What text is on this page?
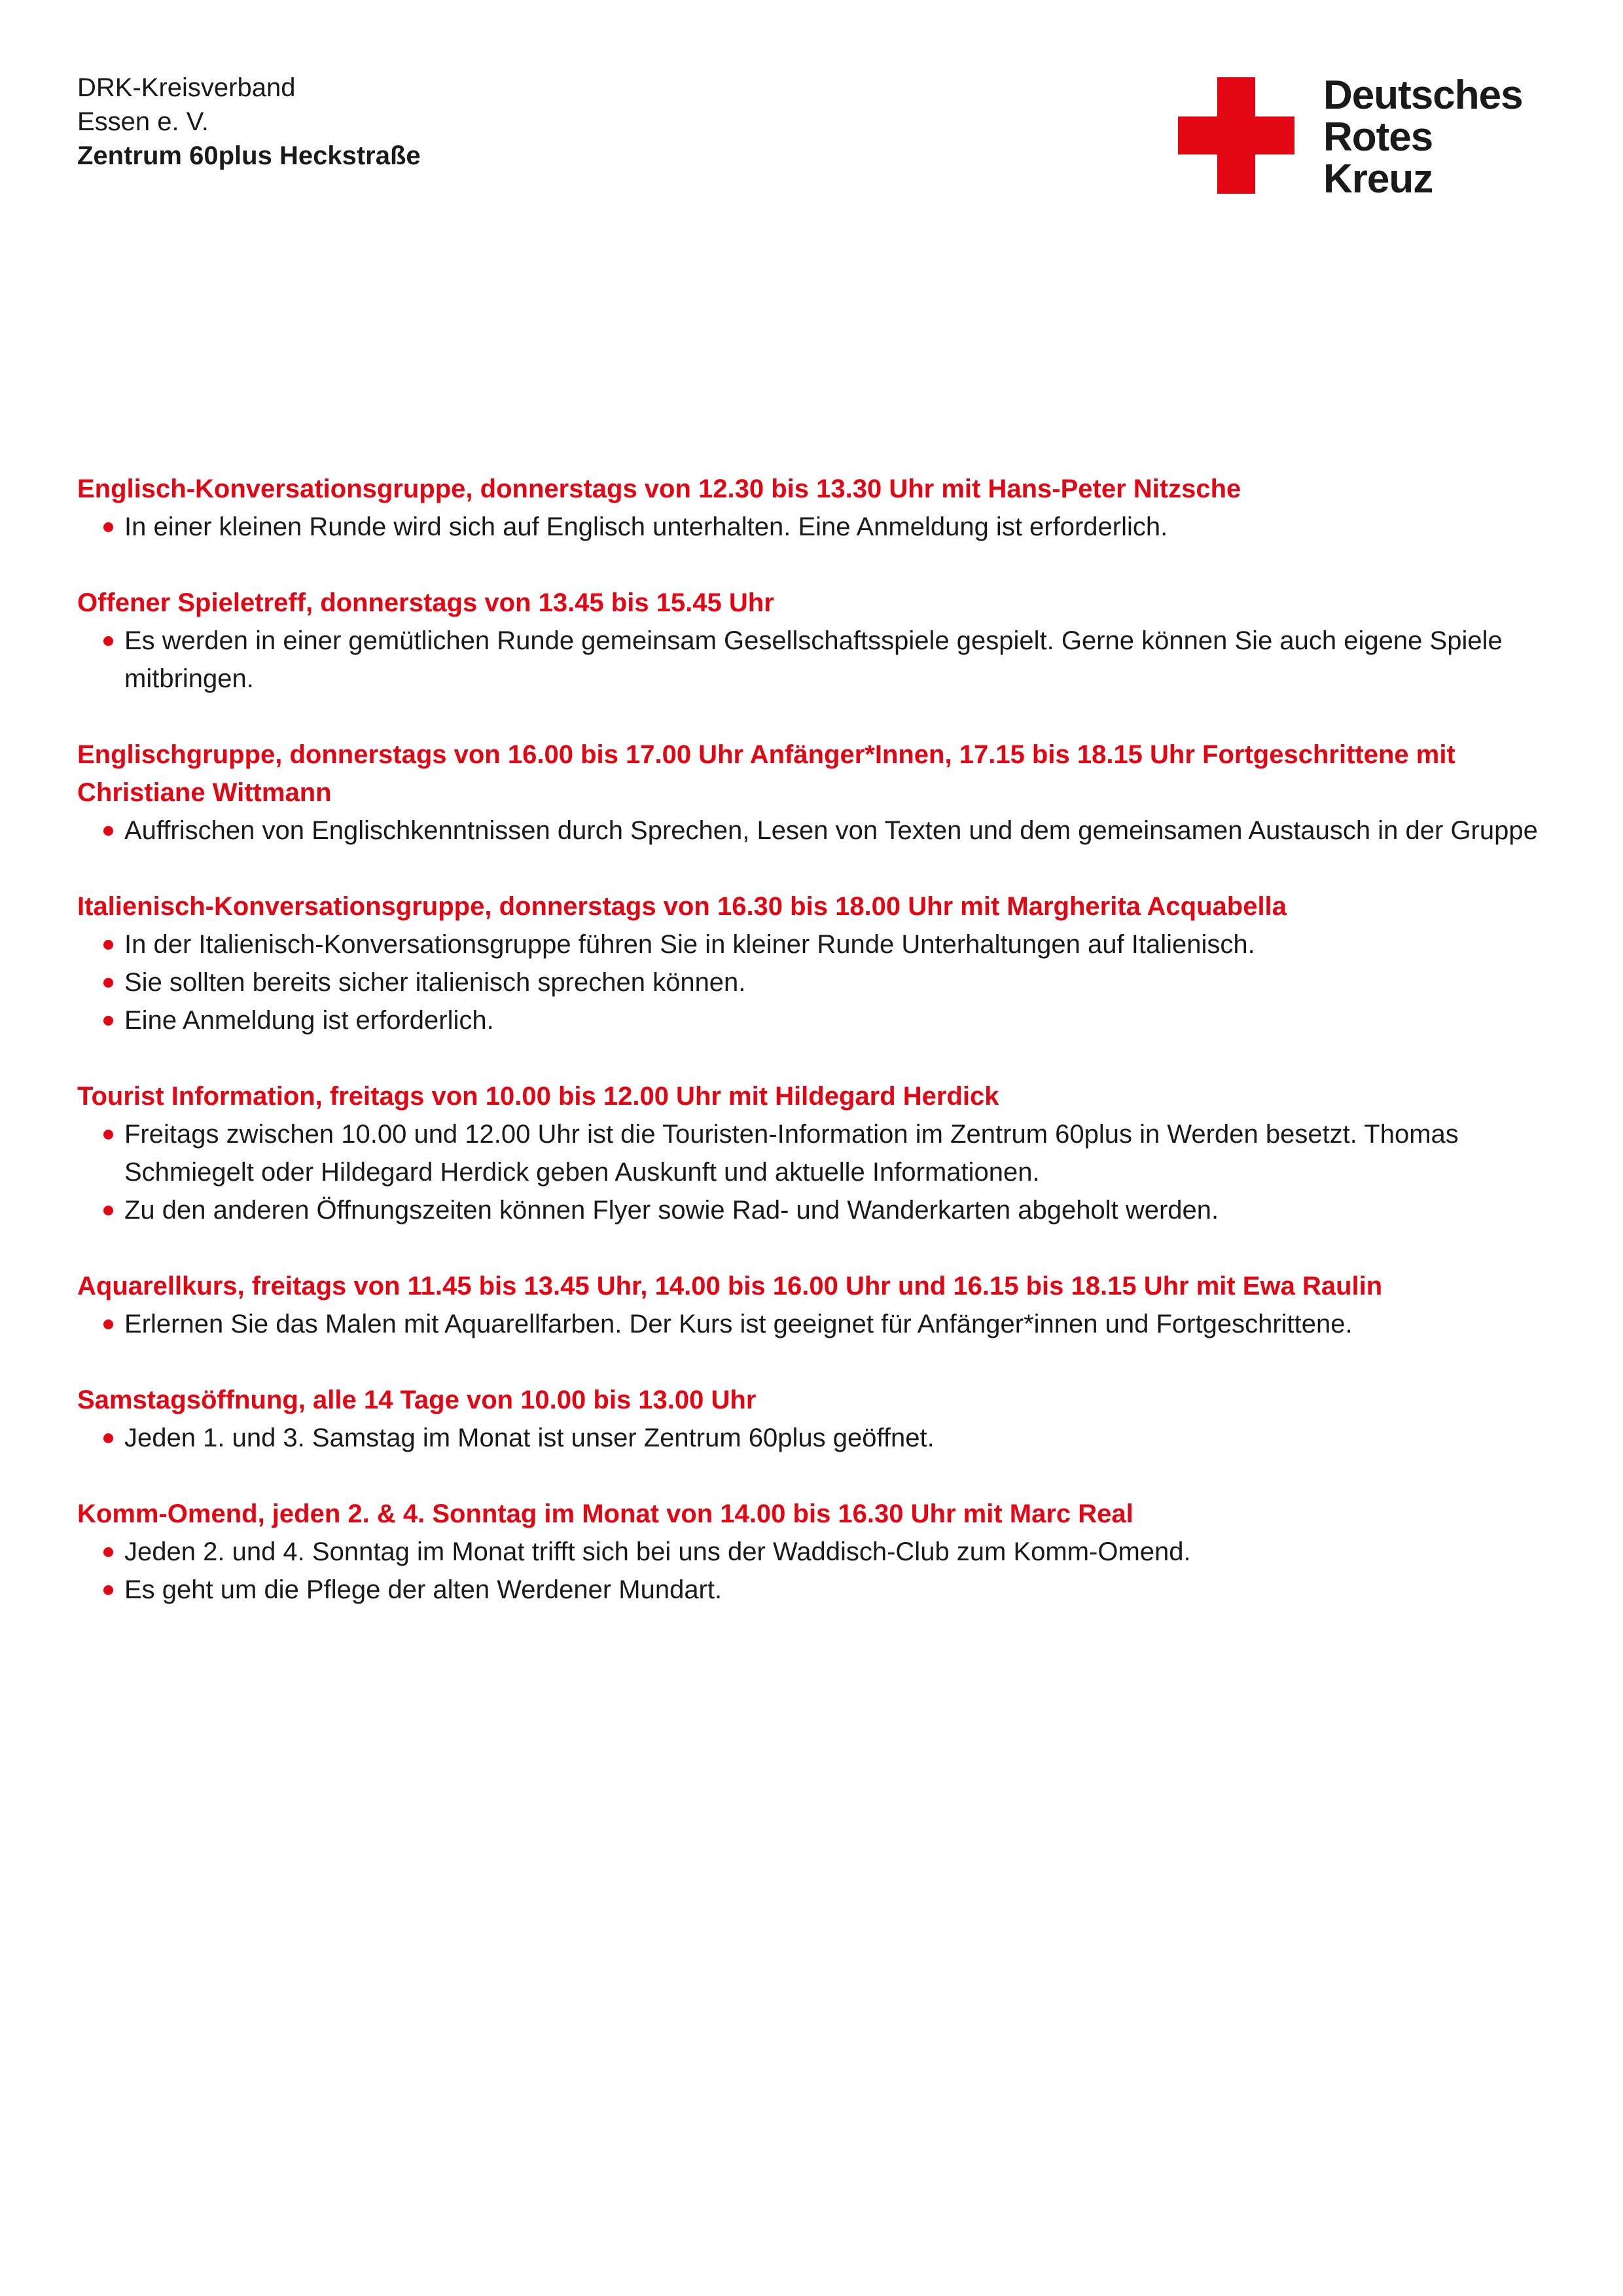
DRK-Kreisverband
Essen e. V.
Zentrum 60plus Heckstraße
Deutsches
Rotes
Kreuz
Englisch-Konversationsgruppe, donnerstags von 12.30 bis 13.30 Uhr mit Hans-Peter Nitzsche
In einer kleinen Runde wird sich auf Englisch unterhalten. Eine Anmeldung ist erforderlich.
Offener Spieletreff, donnerstags von 13.45 bis 15.45 Uhr
Es werden in einer gemütlichen Runde gemeinsam Gesellschaftsspiele gespielt. Gerne können Sie auch eigene Spiele mitbringen.
Englischgruppe, donnerstags von 16.00 bis 17.00 Uhr Anfänger*Innen, 17.15 bis 18.15 Uhr Fortgeschrittene mit Christiane Wittmann
Auffrischen von Englischkenntnissen durch Sprechen, Lesen von Texten und dem gemeinsamen Austausch in der Gruppe
Italienisch-Konversationsgruppe, donnerstags von 16.30 bis 18.00 Uhr mit Margherita Acquabella
In der Italienisch-Konversationsgruppe führen Sie in kleiner Runde Unterhaltungen auf Italienisch.
Sie sollten bereits sicher italienisch sprechen können.
Eine Anmeldung ist erforderlich.
Tourist Information, freitags von 10.00 bis 12.00 Uhr mit Hildegard Herdick
Freitags zwischen 10.00 und 12.00 Uhr ist die Touristen-Information im Zentrum 60plus in Werden besetzt. Thomas Schmiegelt oder Hildegard Herdick geben Auskunft und aktuelle Informationen.
Zu den anderen Öffnungszeiten können Flyer sowie Rad- und Wanderkarten abgeholt werden.
Aquarellkurs, freitags von 11.45 bis 13.45 Uhr, 14.00 bis 16.00 Uhr und 16.15 bis 18.15 Uhr mit Ewa Raulin
Erlernen Sie das Malen mit Aquarellfarben. Der Kurs ist geeignet für Anfänger*innen und Fortgeschrittene.
Samstagsöffnung, alle 14 Tage von 10.00 bis 13.00 Uhr
Jeden 1. und 3. Samstag im Monat ist unser Zentrum 60plus geöffnet.
Komm-Omend, jeden 2. & 4. Sonntag im Monat von 14.00 bis 16.30 Uhr mit Marc Real
Jeden 2. und 4. Sonntag im Monat trifft sich bei uns der Waddisch-Club zum Komm-Omend.
Es geht um die Pflege der alten Werdener Mundart.
